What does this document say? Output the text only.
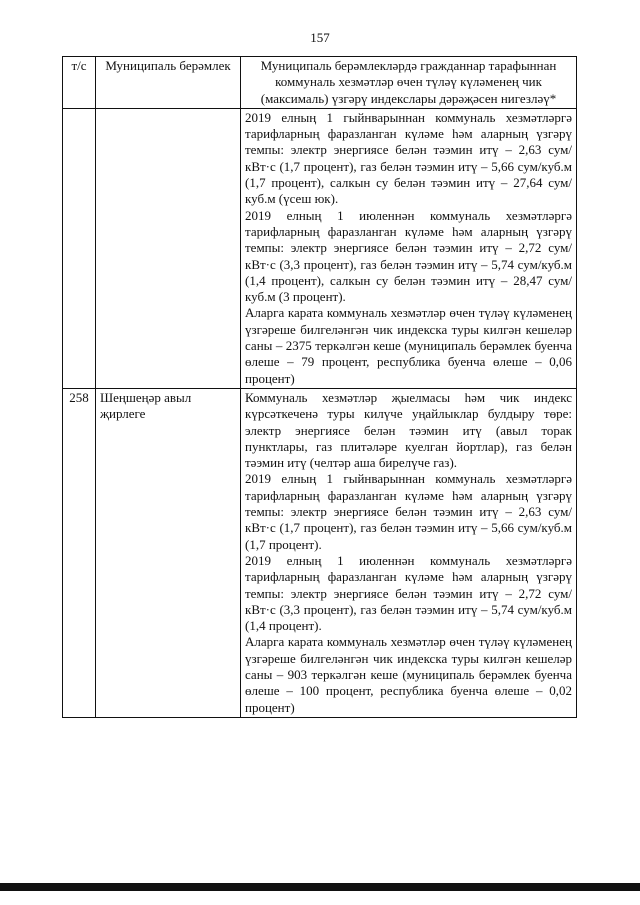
157
т/с	Муниципаль берәмлек	Муниципаль берәмлекләрдә гражданнар тарафыннан коммуналь хезмәтләр өчен түләү күләменең чик (максималь) үзгәрү индекслары дәрәҗәсен нигезләү*

		2019 елның 1 гыйнварыннан коммуналь хезмәтләргә тарифларның фаразланган күләме һәм аларның үзгәрү темпы: электр энергиясе белән тәэмин итү – 2,63 сум/кВт·с (1,7 процент), газ белән тәэмин итү – 5,66 сум/куб.м (1,7 процент), салкын су белән тәэмин итү – 27,64 сум/куб.м (үсеш юк).
2019 елның 1 июленнән коммуналь хезмәтләргә тарифларның фаразланган күләме һәм аларның үзгәрү темпы: электр энергиясе белән тәэмин итү – 2,72 сум/кВт·с (3,3 процент), газ белән тәэмин итү – 5,74 сум/куб.м (1,4 процент), салкын су белән тәэмин итү – 28,47 сум/куб.м (3 процент).
Аларга карата коммуналь хезмәтләр өчен түләү күләменең үзгәреше билгеләнгән чик индекска туры килгән кешеләр саны – 2375 теркәлгән кеше (муниципаль берәмлек буенча өлеше – 79 процент, республика буенча өлеше – 0,06 процент)

258	Шеңшеңәр авыл җирлеге	Коммуналь хезмәтләр җыелмасы һәм чик индекс күрсәткеченә туры килүче уңайлыклар булдыру төре: электр энергиясе белән тәэмин итү (авыл торак пунктлары, газ плитәләре куелган йортлар), газ белән тәэмин итү (челтәр аша бирелүче газ).
2019 елның 1 гыйнварыннан коммуналь хезмәтләргә тарифларның фаразланган күләме һәм аларның үзгәрү темпы: электр энергиясе белән тәэмин итү – 2,63 сум/кВт·с (1,7 процент), газ белән тәэмин итү – 5,66 сум/куб.м (1,7 процент).
2019 елның 1 июленнән коммуналь хезмәтләргә тарифларның фаразланган күләме һәм аларның үзгәрү темпы: электр энергиясе белән тәэмин итү – 2,72 сум/кВт·с (3,3 процент), газ белән тәэмин итү – 5,74 сум/куб.м (1,4 процент).
Аларга карата коммуналь хезмәтләр өчен түләү күләменең үзгәреше билгеләнгән чик индекска туры килгән кешеләр саны – 903 теркәлгән кеше (муниципаль берәмлек буенча өлеше – 100 процент, республика буенча өлеше – 0,02 процент)
